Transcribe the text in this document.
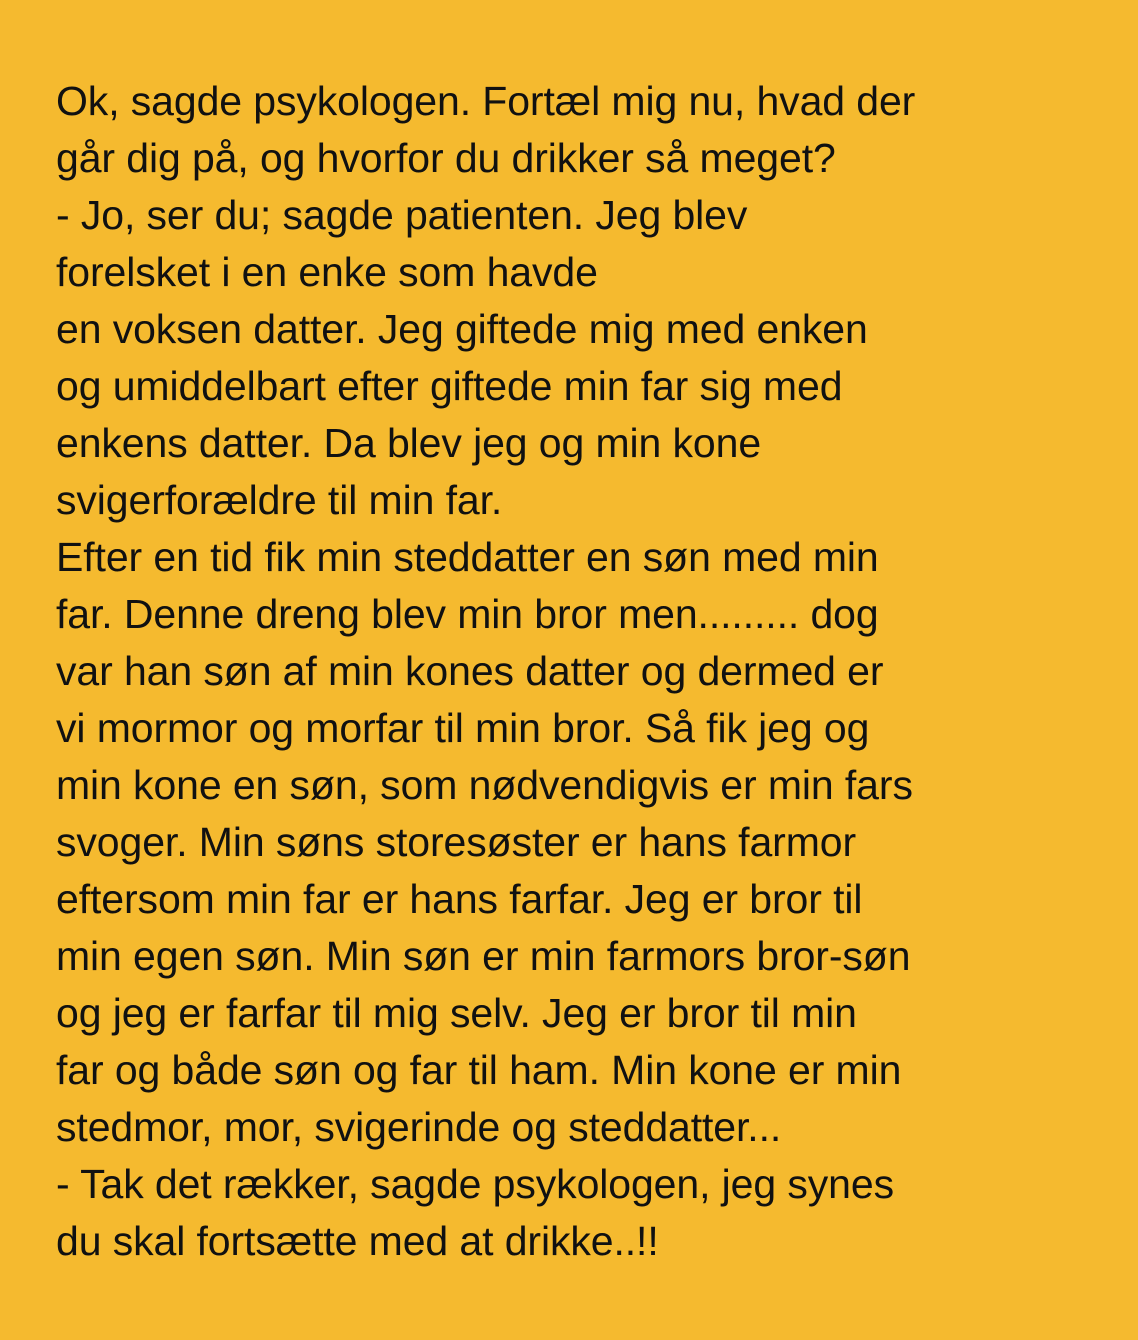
Ok, sagde psykologen. Fortæl mig nu, hvad der
går dig på, og hvorfor du drikker så meget?
- Jo, ser du; sagde patienten. Jeg blev
forelsket i en enke som havde
en voksen datter. Jeg giftede mig med enken
og umiddelbart efter giftede min far sig med
enkens datter. Da blev jeg og min kone
svigerforældre til min far.
Efter en tid fik min steddatter en søn med min
far. Denne dreng blev min bror men......... dog
var han søn af min kones datter og dermed er
vi mormor og morfar til min bror. Så fik jeg og
min kone en søn, som nødvendigvis er min fars
svoger. Min søns storesøster er hans farmor
eftersom min far er hans farfar. Jeg er bror til
min egen søn. Min søn er min farmors bror-søn
og jeg er farfar til mig selv. Jeg er bror til min
far og både søn og far til ham. Min kone er min
stedmor, mor, svigerinde og steddatter...
- Tak det rækker, sagde psykologen, jeg synes
du skal fortsætte med at drikke..!!
